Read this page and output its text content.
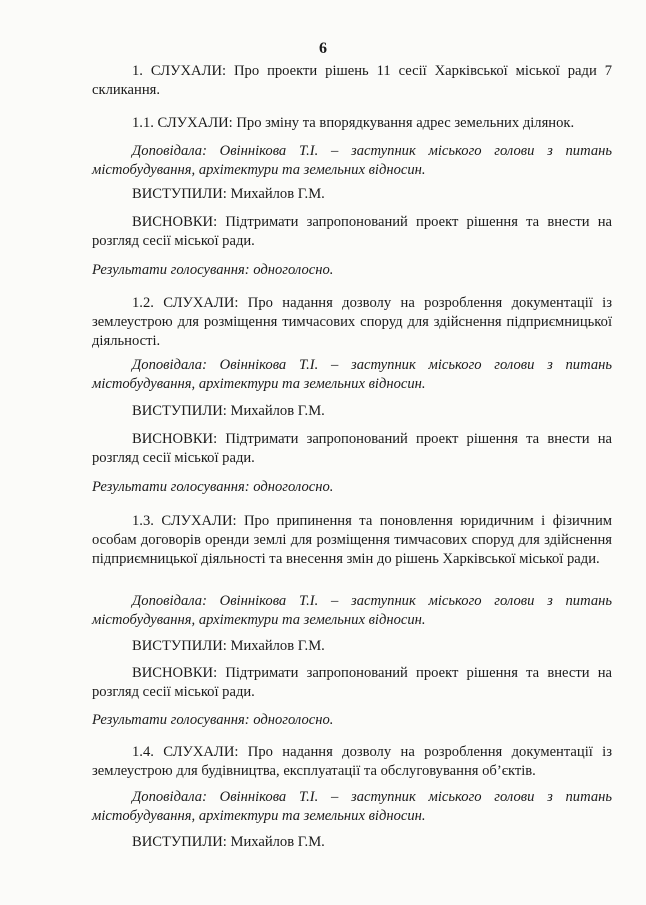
6

1. СЛУХАЛИ: Про проекти рішень 11 сесії Харківської міської ради 7 скликання.

1.1. СЛУХАЛИ: Про зміну та впорядкування адрес земельних ділянок.

Доповідала: Овіннікова Т.І. – заступник міського голови з питань містобудування, архітектури та земельних відносин.

ВИСТУПИЛИ: Михайлов Г.М.

ВИСНОВКИ: Підтримати запропонований проект рішення та внести на розгляд сесії міської ради.

Результати голосування: одноголосно.

1.2. СЛУХАЛИ: Про надання дозволу на розроблення документації із землеустрою для розміщення тимчасових споруд для здійснення підприємницької діяльності.

Доповідала: Овіннікова Т.І. – заступник міського голови з питань містобудування, архітектури та земельних відносин.

ВИСТУПИЛИ: Михайлов Г.М.

ВИСНОВКИ: Підтримати запропонований проект рішення та внести на розгляд сесії міської ради.

Результати голосування: одноголосно.

1.3. СЛУХАЛИ: Про припинення та поновлення юридичним і фізичним особам договорів оренди землі для розміщення тимчасових споруд для здійснення підприємницької діяльності та внесення змін до рішень Харківської міської ради.

Доповідала: Овіннікова Т.І. – заступник міського голови з питань містобудування, архітектури та земельних відносин.

ВИСТУПИЛИ: Михайлов Г.М.

ВИСНОВКИ: Підтримати запропонований проект рішення та внести на розгляд сесії міської ради.

Результати голосування: одноголосно.

1.4. СЛУХАЛИ: Про надання дозволу на розроблення документації із землеустрою для будівництва, експлуатації та обслуговування об’єктів.

Доповідала: Овіннікова Т.І. – заступник міського голови з питань містобудування, архітектури та земельних відносин.

ВИСТУПИЛИ: Михайлов Г.М.
